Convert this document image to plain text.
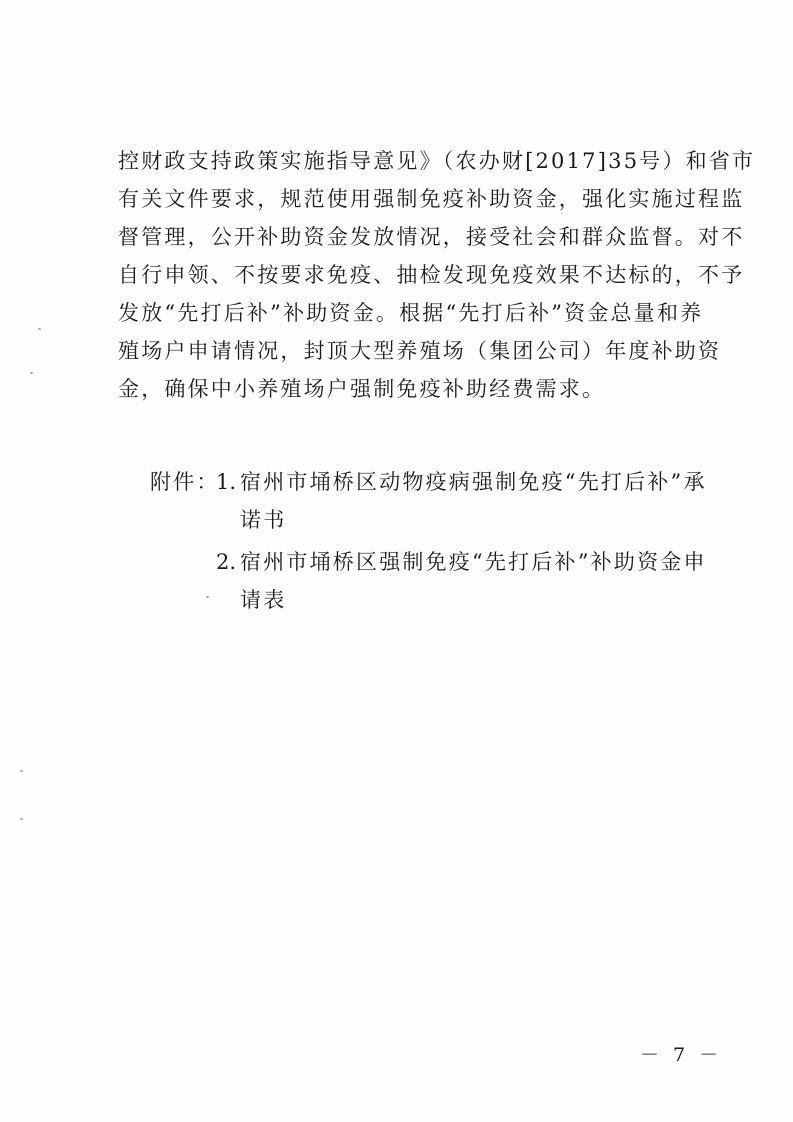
控财政支持政策实施指导意见》（农办财[2017]35号）和省市
有关文件要求，规范使用强制免疫补助资金，强化实施过程监
督管理，公开补助资金发放情况，接受社会和群众监督。对不
自行申领、不按要求免疫、抽检发现免疫效果不达标的，不予
发放“先打后补”补助资金。根据“先打后补”资金总量和养
殖场户申请情况，封顶大型养殖场（集团公司）年度补助资
金，确保中小养殖场户强制免疫补助经费需求。
附件：1. 宿州市埇桥区动物疫病强制免疫“先打后补”承
诺书
2. 宿州市埇桥区强制免疫“先打后补”补助资金申
请表
－ 7 －
